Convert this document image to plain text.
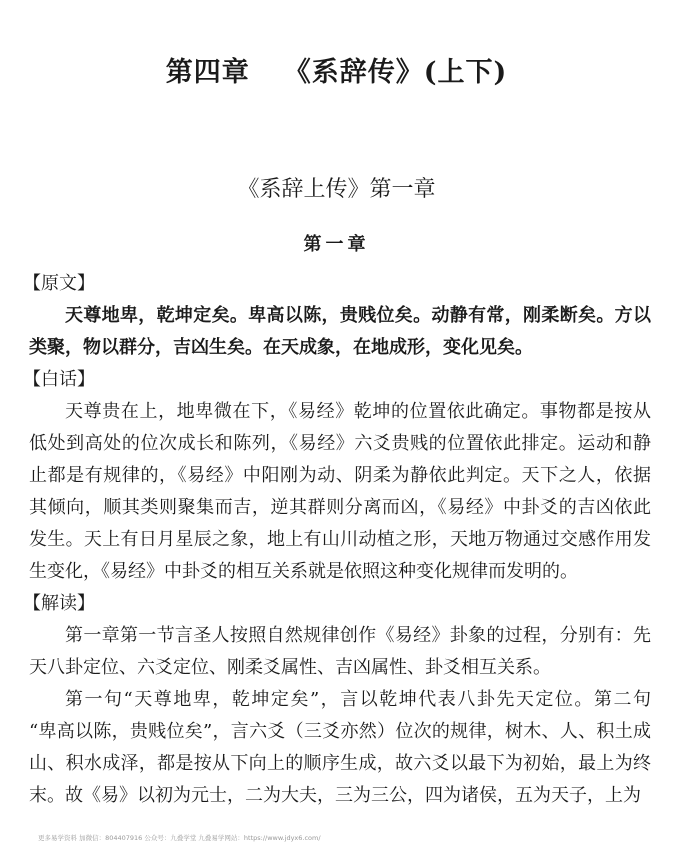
第四章 《系辞传》(上下)
《系辞上传》第一章
第一章
【原文】
天尊地卑，乾坤定矣。卑高以陈，贵贱位矣。动静有常，刚柔断矣。方以
类聚，物以群分，吉凶生矣。在天成象，在地成形，变化见矣。
【白话】
天尊贵在上，地卑微在下，《易经》乾坤的位置依此确定。事物都是按从
低处到高处的位次成长和陈列，《易经》六爻贵贱的位置依此排定。运动和静
止都是有规律的，《易经》中阳刚为动、阴柔为静依此判定。天下之人，依据
其倾向，顺其类则聚集而吉，逆其群则分离而凶，《易经》中卦爻的吉凶依此
发生。天上有日月星辰之象，地上有山川动植之形，天地万物通过交感作用发
生变化，《易经》中卦爻的相互关系就是依照这种变化规律而发明的。
【解读】
第一章第一节言圣人按照自然规律创作《易经》卦象的过程，分别有：先
天八卦定位、六爻定位、刚柔爻属性、吉凶属性、卦爻相互关系。
第一句“天尊地卑，乾坤定矣”，言以乾坤代表八卦先天定位。第二句
“卑高以陈，贵贱位矣”，言六爻（三爻亦然）位次的规律，树木、人、积土成
山、积水成泽，都是按从下向上的顺序生成，故六爻以最下为初始，最上为终
末。故《易》以初为元士，二为大夫，三为三公，四为诸侯，五为天子，上为
更多易学资料 加微信：804407916 公众号：九叠学堂 九叠易学网站：https://www.jdyx6.com/
